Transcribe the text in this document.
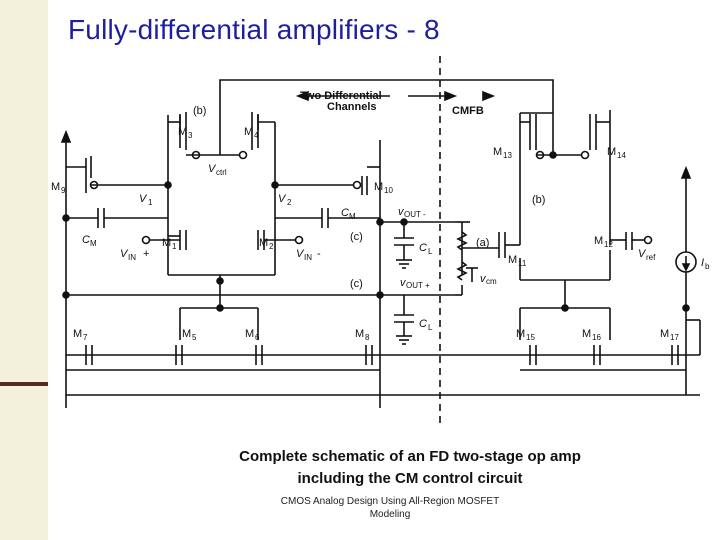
Fully-differential amplifiers - 8
Two Differential
Channels	CMFB
(b)
(b)
(c)
(c)
(a)
V ctrl
V 1	V 2
C M
C M
V IN +	V IN -
v OUT -
v OUT +
C L
C L
v cm
V ref	I b
M 1	M 2
M 3	M 4
M 5	M 6
M 7	M 8
M 9	M 10
M 11
M 12
M 13	M 14
M 15	M 16	M 17
Complete schematic of an FD two-stage op amp
including the CM control circuit
CMOS Analog Design Using All-Region MOSFET
Modeling
